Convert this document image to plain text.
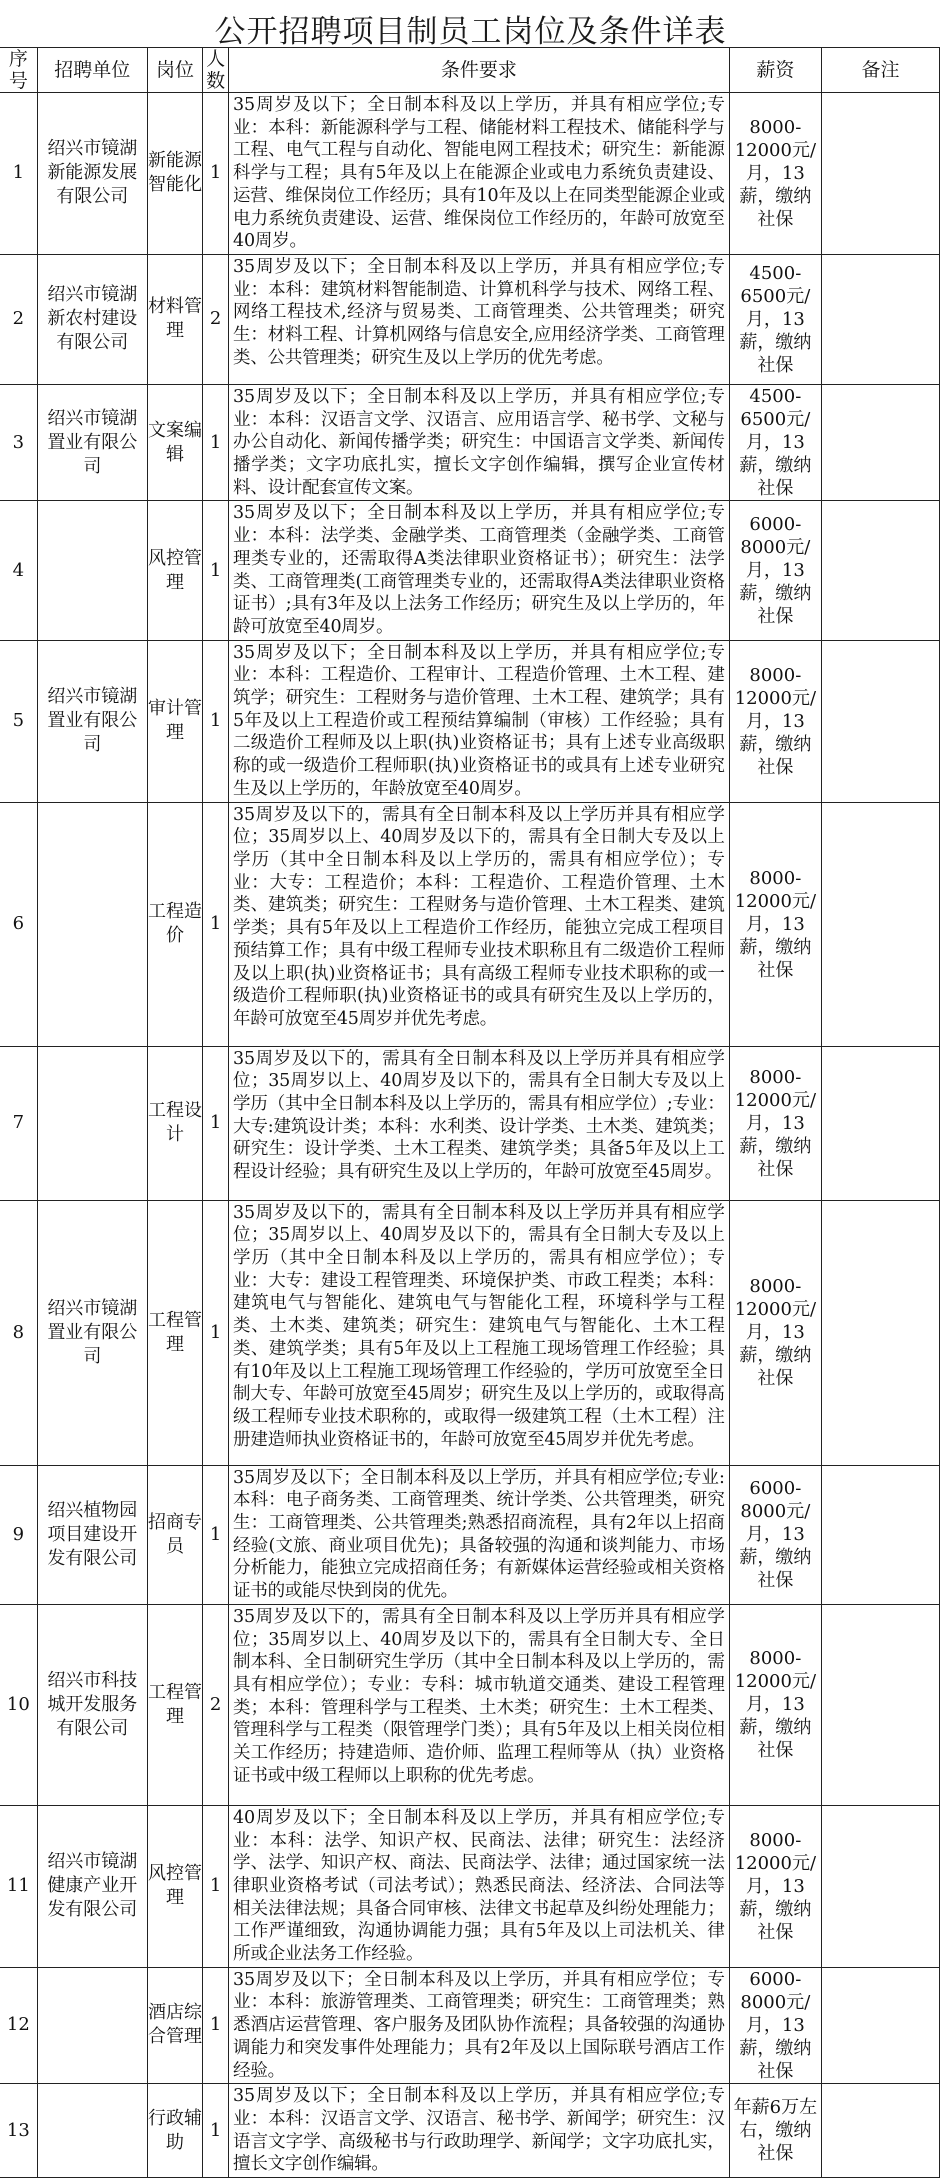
公开招聘项目制员工岗位及条件详表
序号	招聘单位	岗位	人数	条件要求	薪资	备注
1	绍兴市镜湖新能源发展有限公司	新能源智能化	1	35周岁及以下；全日制本科及以上学历，并具有相应学位;专业：本科：新能源科学与工程、储能材料工程技术、储能科学与工程、电气工程与自动化、智能电网工程技术；研究生：新能源科学与工程；具有5年及以上在能源企业或电力系统负责建设、运营、维保岗位工作经历；具有10年及以上在同类型能源企业或电力系统负责建设、运营、维保岗位工作经历的，年龄可放宽至40周岁。	8000-12000元/月，13薪，缴纳社保	
2	绍兴市镜湖新农村建设有限公司	材料管理	2	35周岁及以下；全日制本科及以上学历，并具有相应学位;专业：本科：建筑材料智能制造、计算机科学与技术、网络工程、网络工程技术,经济与贸易类、工商管理类、公共管理类；研究生：材料工程、计算机网络与信息安全,应用经济学类、工商管理类、公共管理类；研究生及以上学历的优先考虑。	4500-6500元/月，13薪，缴纳社保	
3	绍兴市镜湖置业有限公司	文案编辑	1	35周岁及以下；全日制本科及以上学历，并具有相应学位;专业：本科：汉语言文学、汉语言、应用语言学、秘书学、文秘与办公自动化、新闻传播学类；研究生：中国语言文学类、新闻传播学类；文字功底扎实，擅长文字创作编辑，撰写企业宣传材料、设计配套宣传文案。	4500-6500元/月，13薪，缴纳社保	
4		风控管理	1	35周岁及以下；全日制本科及以上学历，并具有相应学位;专业：本科：法学类、金融学类、工商管理类（金融学类、工商管理类专业的，还需取得A类法律职业资格证书）；研究生：法学类、工商管理类(工商管理类专业的，还需取得A类法律职业资格证书）;具有3年及以上法务工作经历；研究生及以上学历的，年龄可放宽至40周岁。	6000-8000元/月，13薪，缴纳社保	
5	绍兴市镜湖置业有限公司	审计管理	1	35周岁及以下；全日制本科及以上学历，并具有相应学位;专业：本科：工程造价、工程审计、工程造价管理、土木工程、建筑学；研究生：工程财务与造价管理、土木工程、建筑学；具有5年及以上工程造价或工程预结算编制（审核）工作经验；具有二级造价工程师及以上职(执)业资格证书；具有上述专业高级职称的或一级造价工程师职(执)业资格证书的或具有上述专业研究生及以上学历的，年龄放宽至40周岁。	8000-12000元/月，13薪，缴纳社保	
6		工程造价	1	35周岁及以下的，需具有全日制本科及以上学历并具有相应学位；35周岁以上、40周岁及以下的，需具有全日制大专及以上学历（其中全日制本科及以上学历的，需具有相应学位）；专业：大专：工程造价；本科：工程造价、工程造价管理、土木类、建筑类；研究生：工程财务与造价管理、土木工程类、建筑学类；具有5年及以上工程造价工作经历，能独立完成工程项目预结算工作；具有中级工程师专业技术职称且有二级造价工程师及以上职(执)业资格证书；具有高级工程师专业技术职称的或一级造价工程师职(执)业资格证书的或具有研究生及以上学历的，年龄可放宽至45周岁并优先考虑。	8000-12000元/月，13薪，缴纳社保	
7		工程设计	1	35周岁及以下的，需具有全日制本科及以上学历并具有相应学位；35周岁以上、40周岁及以下的，需具有全日制大专及以上学历（其中全日制本科及以上学历的，需具有相应学位）;专业：大专:建筑设计类；本科：水利类、设计学类、土木类、建筑类；研究生：设计学类、土木工程类、建筑学类；具备5年及以上工程设计经验；具有研究生及以上学历的，年龄可放宽至45周岁。	8000-12000元/月，13薪，缴纳社保	
8	绍兴市镜湖置业有限公司	工程管理	1	35周岁及以下的，需具有全日制本科及以上学历并具有相应学位；35周岁以上、40周岁及以下的，需具有全日制大专及以上学历（其中全日制本科及以上学历的，需具有相应学位）；专业：大专：建设工程管理类、环境保护类、市政工程类；本科：建筑电气与智能化、建筑电气与智能化工程，环境科学与工程类、土木类、建筑类；研究生：建筑电气与智能化、土木工程类、建筑学类；具有5年及以上工程施工现场管理工作经验；具有10年及以上工程施工现场管理工作经验的，学历可放宽至全日制大专、年龄可放宽至45周岁；研究生及以上学历的，或取得高级工程师专业技术职称的，或取得一级建筑工程（土木工程）注册建造师执业资格证书的，年龄可放宽至45周岁并优先考虑。	8000-12000元/月，13薪，缴纳社保	
9	绍兴植物园项目建设开发有限公司	招商专员	1	35周岁及以下；全日制本科及以上学历，并具有相应学位;专业:本科：电子商务类、工商管理类、统计学类、公共管理类，研究生：工商管理类、公共管理类;熟悉招商流程，具有2年以上招商经验(文旅、商业项目优先)；具备较强的沟通和谈判能力、市场分析能力，能独立完成招商任务；有新媒体运营经验或相关资格证书的或能尽快到岗的优先。	6000-8000元/月，13薪，缴纳社保	
10	绍兴市科技城开发服务有限公司	工程管理	2	35周岁及以下的，需具有全日制本科及以上学历并具有相应学位；35周岁以上、40周岁及以下的，需具有全日制大专、全日制本科、全日制研究生学历（其中全日制本科及以上学历的，需具有相应学位）；专业：专科：城市轨道交通类、建设工程管理类；本科：管理科学与工程类、土木类；研究生：土木工程类、管理科学与工程类（限管理学门类）；具有5年及以上相关岗位相关工作经历；持建造师、造价师、监理工程师等从（执）业资格证书或中级工程师以上职称的优先考虑。	8000-12000元/月，13薪，缴纳社保	
11	绍兴市镜湖健康产业开发有限公司	风控管理	1	40周岁及以下；全日制本科及以上学历，并具有相应学位;专业：本科：法学、知识产权、民商法、法律；研究生：法经济学、法学、知识产权、商法、民商法学、法律；通过国家统一法律职业资格考试（司法考试）；熟悉民商法、经济法、合同法等相关法律法规；具备合同审核、法律文书起草及纠纷处理能力；工作严谨细致，沟通协调能力强；具有5年及以上司法机关、律所或企业法务工作经验。	8000-12000元/月，13薪，缴纳社保	
12		酒店综合管理	1	35周岁及以下；全日制本科及以上学历，并具有相应学位；专业：本科：旅游管理类、工商管理类；研究生：工商管理类；熟悉酒店运营管理、客户服务及团队协作流程；具备较强的沟通协调能力和突发事件处理能力；具有2年及以上国际联号酒店工作经验。	6000-8000元/月，13薪，缴纳社保	
13		行政辅助	1	35周岁及以下；全日制本科及以上学历，并具有相应学位;专业：本科：汉语言文学、汉语言、秘书学、新闻学；研究生：汉语言文字学、高级秘书与行政助理学、新闻学；文字功底扎实，擅长文字创作编辑。	年薪6万左右，缴纳社保	
